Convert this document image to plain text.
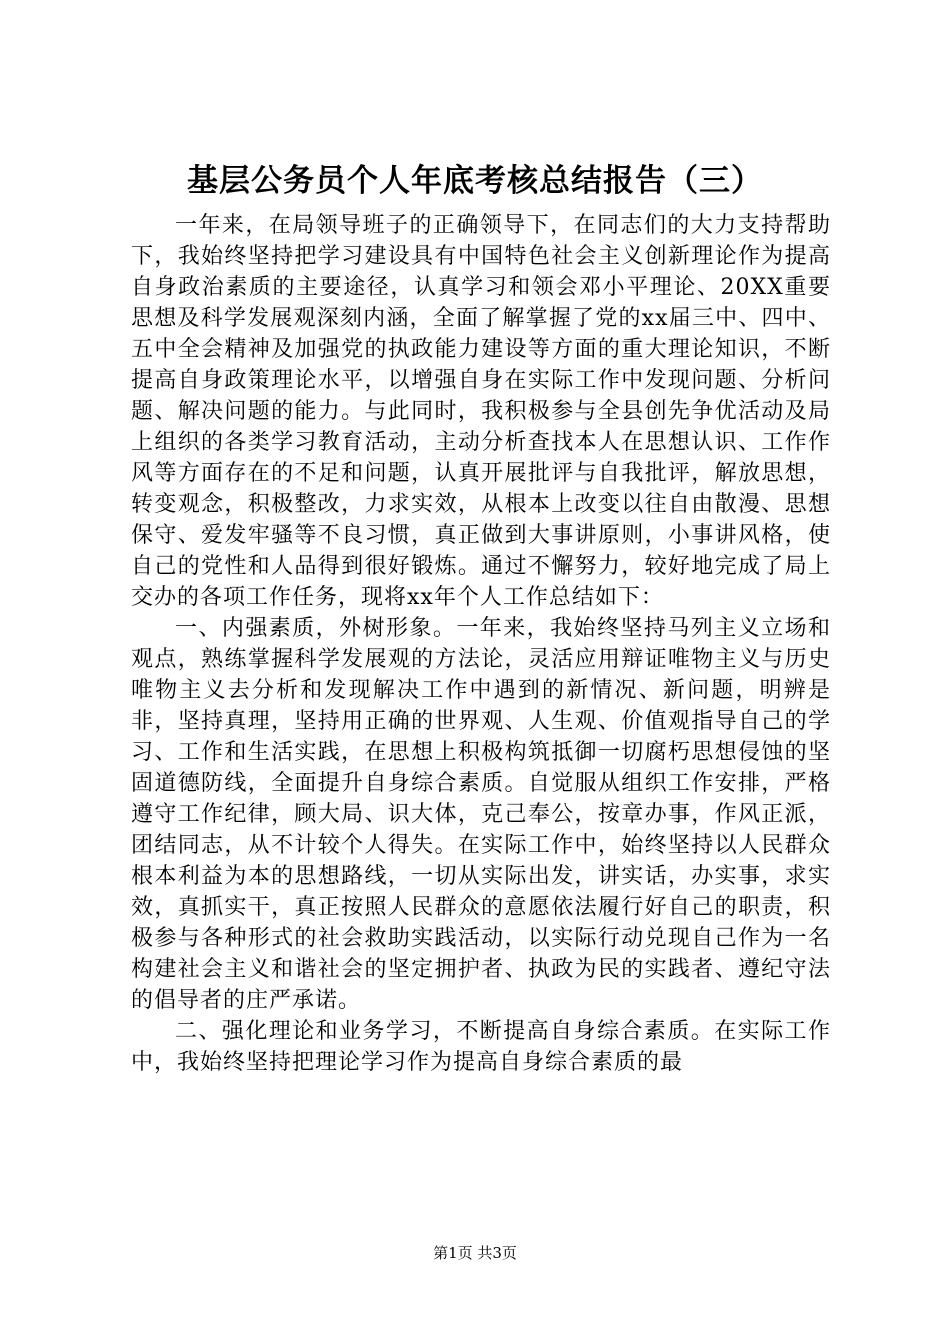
基层公务员个人年底考核总结报告（三）

一年来，在局领导班子的正确领导下，在同志们的大力支持帮助下，我始终坚持把学习建设具有中国特色社会主义创新理论作为提高自身政治素质的主要途径，认真学习和领会邓小平理论、20XX重要思想及科学发展观深刻内涵，全面了解掌握了党的xx届三中、四中、五中全会精神及加强党的执政能力建设等方面的重大理论知识，不断提高自身政策理论水平，以增强自身在实际工作中发现问题、分析问题、解决问题的能力。与此同时，我积极参与全县创先争优活动及局上组织的各类学习教育活动，主动分析查找本人在思想认识、工作作风等方面存在的不足和问题，认真开展批评与自我批评，解放思想，转变观念，积极整改，力求实效，从根本上改变以往自由散漫、思想保守、爱发牢骚等不良习惯，真正做到大事讲原则，小事讲风格，使自己的党性和人品得到很好锻炼。通过不懈努力，较好地完成了局上交办的各项工作任务，现将xx年个人工作总结如下：

一、内强素质，外树形象。一年来，我始终坚持马列主义立场和观点，熟练掌握科学发展观的方法论，灵活应用辩证唯物主义与历史唯物主义去分析和发现解决工作中遇到的新情况、新问题，明辨是非，坚持真理，坚持用正确的世界观、人生观、价值观指导自己的学习、工作和生活实践，在思想上积极构筑抵御一切腐朽思想侵蚀的坚固道德防线，全面提升自身综合素质。自觉服从组织工作安排，严格遵守工作纪律，顾大局、识大体，克己奉公，按章办事，作风正派，团结同志，从不计较个人得失。在实际工作中，始终坚持以人民群众根本利益为本的思想路线，一切从实际出发，讲实话，办实事，求实效，真抓实干，真正按照人民群众的意愿依法履行好自己的职责，积极参与各种形式的社会救助实践活动，以实际行动兑现自己作为一名构建社会主义和谐社会的坚定拥护者、执政为民的实践者、遵纪守法的倡导者的庄严承诺。

二、强化理论和业务学习，不断提高自身综合素质。在实际工作中，我始终坚持把理论学习作为提高自身综合素质的最

第1页 共3页
